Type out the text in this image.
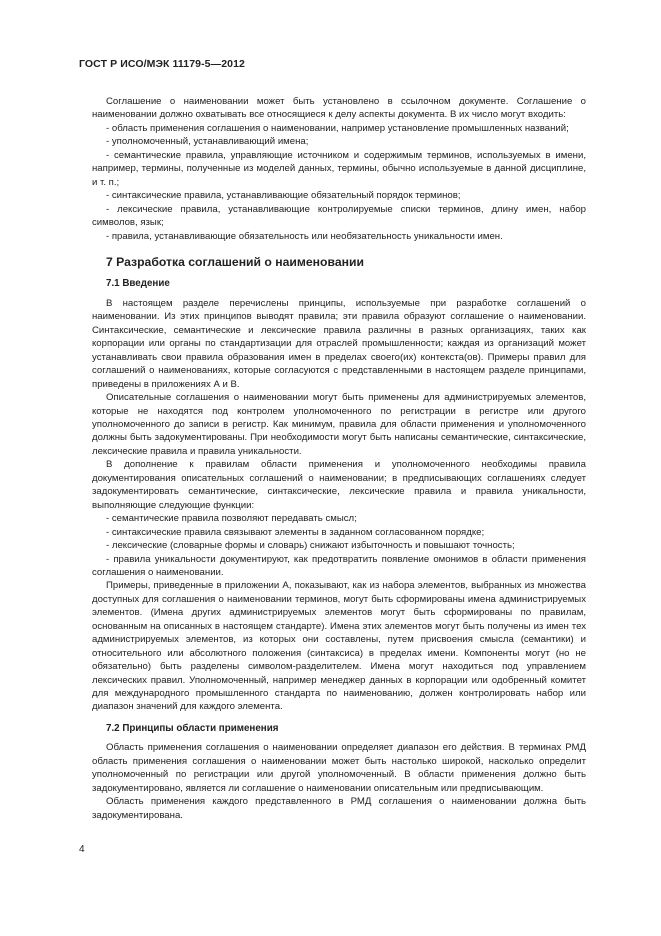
ГОСТ Р ИСО/МЭК 11179-5—2012

Соглашение о наименовании может быть установлено в ссылочном документе. Соглашение о наименовании должно охватывать все относящиеся к делу аспекты документа. В их число могут входить:

- область применения соглашения о наименовании, например установление промышленных названий;

- уполномоченный, устанавливающий имена;

- семантические правила, управляющие источником и содержимым терминов, используемых в имени, например, термины, полученные из моделей данных, термины, обычно используемые в данной дисциплине, и т. п.;

- синтаксические правила, устанавливающие обязательный порядок терминов;

- лексические правила, устанавливающие контролируемые списки терминов, длину имен, набор символов, язык;

- правила, устанавливающие обязательность или необязательность уникальности имен.

7 Разработка соглашений о наименовании
7.1 Введение

В настоящем разделе перечислены принципы, используемые при разработке соглашений о наименовании. Из этих принципов выводят правила; эти правила образуют соглашение о наименовании. Синтаксические, семантические и лексические правила различны в разных организациях, таких как корпорации или органы по стандартизации для отраслей промышленности; каждая из организаций может устанавливать свои правила образования имен в пределах своего(их) контекста(ов). Примеры правил для соглашений о наименованиях, которые согласуются с представленными в настоящем разделе принципами, приведены в приложениях А и В.

Описательные соглашения о наименовании могут быть применены для администрируемых элементов, которые не находятся под контролем уполномоченного по регистрации в регистре или другого уполномоченного до записи в регистр. Как минимум, правила для области применения и уполномоченного должны быть задокументированы. При необходимости могут быть написаны семантические, синтаксические, лексические правила и правила уникальности.

В дополнение к правилам области применения и уполномоченного необходимы правила документирования описательных соглашений о наименовании; в предписывающих соглашениях следует задокументировать семантические, синтаксические, лексические правила и правила уникальности, выполняющие следующие функции:

- семантические правила позволяют передавать смысл;

- синтаксические правила связывают элементы в заданном согласованном порядке;

- лексические (словарные формы и словарь) снижают избыточность и повышают точность;

- правила уникальности документируют, как предотвратить появление омонимов в области применения соглашения о наименовании.

Примеры, приведенные в приложении А, показывают, как из набора элементов, выбранных из множества доступных для соглашения о наименовании терминов, могут быть сформированы имена администрируемых элементов. (Имена других администрируемых элементов могут быть сформированы по правилам, основанным на описанных в настоящем стандарте). Имена этих элементов могут быть получены из имен тех администрируемых элементов, из которых они составлены, путем присвоения смысла (семантики) и относительного или абсолютного положения (синтаксиса) в пределах имени. Компоненты могут (но не обязательно) быть разделены символом-разделителем. Имена могут находиться под управлением лексических правил. Уполномоченный, например менеджер данных в корпорации или одобренный комитет для международного промышленного стандарта по наименованию, должен контролировать набор или диапазон значений для каждого элемента.

7.2 Принципы области применения

Область применения соглашения о наименовании определяет диапазон его действия. В терминах РМД область применения соглашения о наименовании может быть настолько широкой, насколько определит уполномоченный по регистрации или другой уполномоченный. В области применения должно быть задокументировано, является ли соглашение о наименовании описательным или предписывающим.

Область применения каждого представленного в РМД соглашения о наименовании должна быть задокументирована.

4
